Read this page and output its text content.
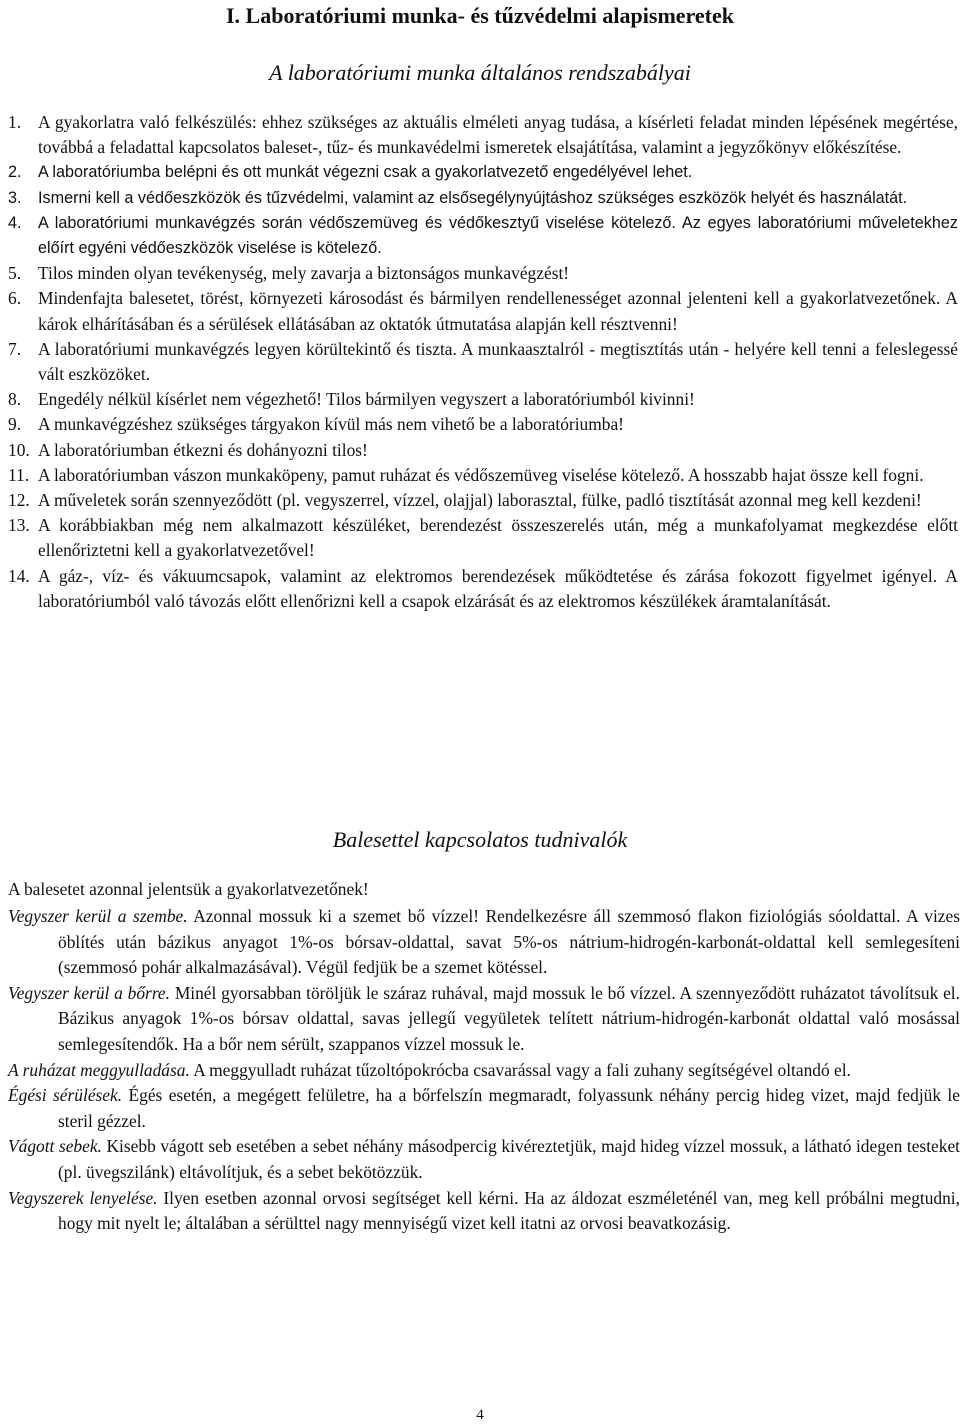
I. Laboratóriumi munka- és tűzvédelmi alapismeretek
A laboratóriumi munka általános rendszabályai
1. A gyakorlatra való felkészülés: ehhez szükséges az aktuális elméleti anyag tudása, a kísérleti feladat minden lépésének megértése, továbbá a feladattal kapcsolatos baleset-, tűz- és munkavédelmi ismeretek elsajátítása, valamint a jegyzőkönyv előkészítése.
2. A laboratóriumba belépni és ott munkát végezni csak a gyakorlatvezető engedélyével lehet.
3. Ismerni kell a védőeszközök és tűzvédelmi, valamint az elsősegélynyújtáshoz szükséges eszközök helyét és használatát.
4. A laboratóriumi munkavégzés során védőszemüveg és védőkesztyű viselése kötelező. Az egyes laboratóriumi műveletekhez előírt egyéni védőeszközök viselése is kötelező.
5. Tilos minden olyan tevékenység, mely zavarja a biztonságos munkavégzést!
6. Mindenfajta balesetet, törést, környezeti károsodást és bármilyen rendellenességet azonnal jelenteni kell a gyakorlatvezetőnek. A károk elhárításában és a sérülések ellátásában az oktatók útmutatása alapján kell résztvenni!
7. A laboratóriumi munkavégzés legyen körültekintő és tiszta. A munkaasztalról - megtisztítás után - helyére kell tenni a feleslegessé vált eszközöket.
8. Engedély nélkül kísérlet nem végezhető! Tilos bármilyen vegyszert a laboratóriumból kivinni!
9. A munkavégzéshez szükséges tárgyakon kívül más nem vihető be a laboratóriumba!
10. A laboratóriumban étkezni és dohányozni tilos!
11. A laboratóriumban vászon munkaköpeny, pamut ruházat és védőszemüveg viselése kötelező. A hosszabb hajat össze kell fogni.
12. A műveletek során szennyeződött (pl. vegyszerrel, vízzel, olajjal) laborasztal, fülke, padló tisztítását azonnal meg kell kezdeni!
13. A korábbiakban még nem alkalmazott készüléket, berendezést összeszerelés után, még a munkafolyamat megkezdése előtt ellenőriztetni kell a gyakorlatvezetővel!
14. A gáz-, víz- és vákuumcsapok, valamint az elektromos berendezések működtetése és zárása fokozott figyelmet igényel. A laboratóriumból való távozás előtt ellenőrizni kell a csapok elzárását és az elektromos készülékek áramtalanítását.
Balesettel kapcsolatos tudnivalók
A balesetet azonnal jelentsük a gyakorlatvezetőnek!
Vegyszer kerül a szembe. Azonnal mossuk ki a szemet bő vízzel! Rendelkezésre áll szemmosó flakon fiziológiás sóoldattal. A vizes öblítés után bázikus anyagot 1%-os bórsav-oldattal, savat 5%-os nátrium-hidrogén-karbonát-oldattal kell semlegesíteni (szemmosó pohár alkalmazásával). Végül fedjük be a szemet kötéssel.
Vegyszer kerül a bőrre. Minél gyorsabban töröljük le száraz ruhával, majd mossuk le bő vízzel. A szennyeződött ruházatot távolítsuk el. Bázikus anyagok 1%-os bórsav oldattal, savas jellegű vegyületek telített nátrium-hidrogén-karbonát oldattal való mosással semlegesítendők. Ha a bőr nem sérült, szappanos vízzel mossuk le.
A ruházat meggyulladása. A meggyulladt ruházat tűzoltópokrócba csavarással vagy a fali zuhany segítségével oltandó el.
Égési sérülések. Égés esetén, a megégett felületre, ha a bőrfelszín megmaradt, folyassunk néhány percig hideg vizet, majd fedjük le steril gézzel.
Vágott sebek. Kisebb vágott seb esetében a sebet néhány másodpercig kivéreztetjük, majd hideg vízzel mossuk, a látható idegen testeket (pl. üvegszilánk) eltávolítjuk, és a sebet bekötözzük.
Vegyszerek lenyelése. Ilyen esetben azonnal orvosi segítséget kell kérni. Ha az áldozat eszméleténél van, meg kell próbálni megtudni, hogy mit nyelt le; általában a sérülttel nagy mennyiségű vizet kell itatni az orvosi beavatkozásig.
4
